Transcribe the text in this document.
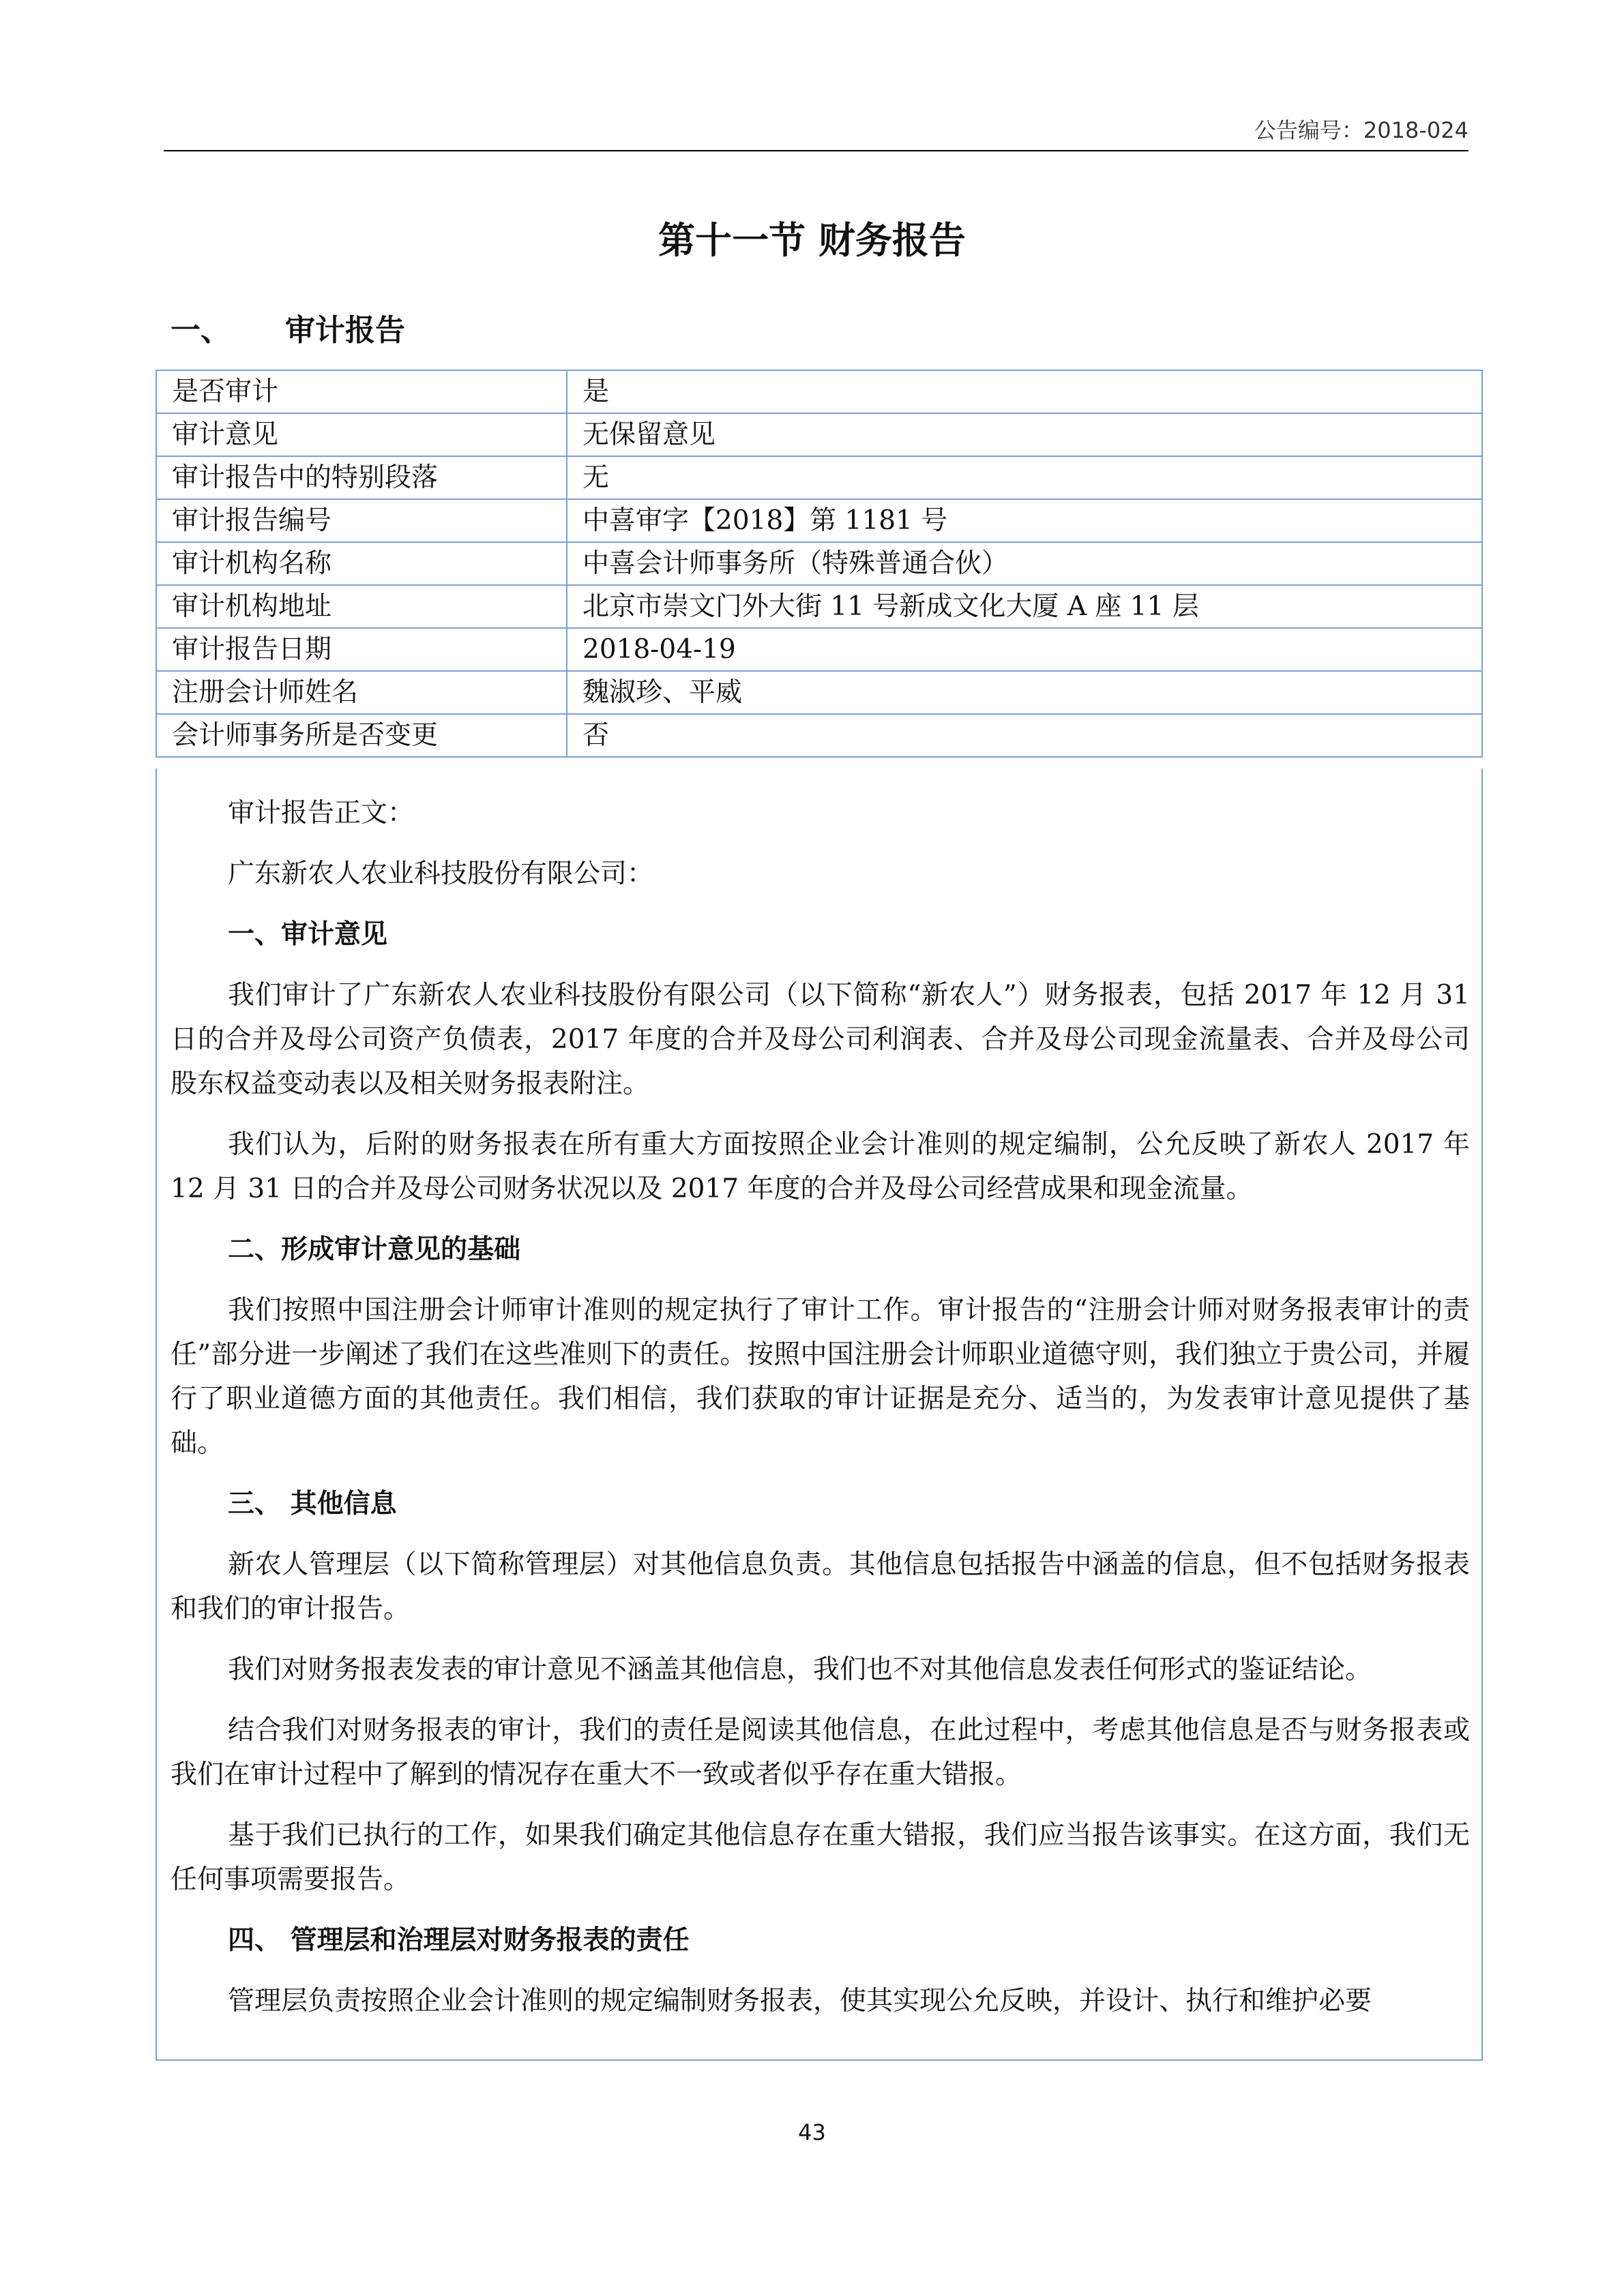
公告编号：2018-024
第十一节 财务报告
一、 审计报告
是否审计	是
审计意见	无保留意见
审计报告中的特别段落	无
审计报告编号	中喜审字【2018】第 1181 号
审计机构名称	中喜会计师事务所（特殊普通合伙）
审计机构地址	北京市崇文门外大街 11 号新成文化大厦 A 座 11 层
审计报告日期	2018-04-19
注册会计师姓名	魏淑珍、平威
会计师事务所是否变更	否

审计报告正文：

广东新农人农业科技股份有限公司：

一、审计意见

我们审计了广东新农人农业科技股份有限公司（以下简称“新农人”）财务报表，包括 2017 年 12 月 31 日的合并及母公司资产负债表，2017 年度的合并及母公司利润表、合并及母公司现金流量表、合并及母公司股东权益变动表以及相关财务报表附注。

我们认为，后附的财务报表在所有重大方面按照企业会计准则的规定编制，公允反映了新农人 2017 年 12 月 31 日的合并及母公司财务状况以及 2017 年度的合并及母公司经营成果和现金流量。

二、形成审计意见的基础

我们按照中国注册会计师审计准则的规定执行了审计工作。审计报告的“注册会计师对财务报表审计的责任”部分进一步阐述了我们在这些准则下的责任。按照中国注册会计师职业道德守则，我们独立于贵公司，并履行了职业道德方面的其他责任。我们相信，我们获取的审计证据是充分、适当的，为发表审计意见提供了基础。

三、 其他信息

新农人管理层（以下简称管理层）对其他信息负责。其他信息包括报告中涵盖的信息，但不包括财务报表和我们的审计报告。

我们对财务报表发表的审计意见不涵盖其他信息，我们也不对其他信息发表任何形式的鉴证结论。

结合我们对财务报表的审计，我们的责任是阅读其他信息，在此过程中，考虑其他信息是否与财务报表或我们在审计过程中了解到的情况存在重大不一致或者似乎存在重大错报。

基于我们已执行的工作，如果我们确定其他信息存在重大错报，我们应当报告该事实。在这方面，我们无任何事项需要报告。

四、 管理层和治理层对财务报表的责任

管理层负责按照企业会计准则的规定编制财务报表，使其实现公允反映，并设计、执行和维护必要

43
